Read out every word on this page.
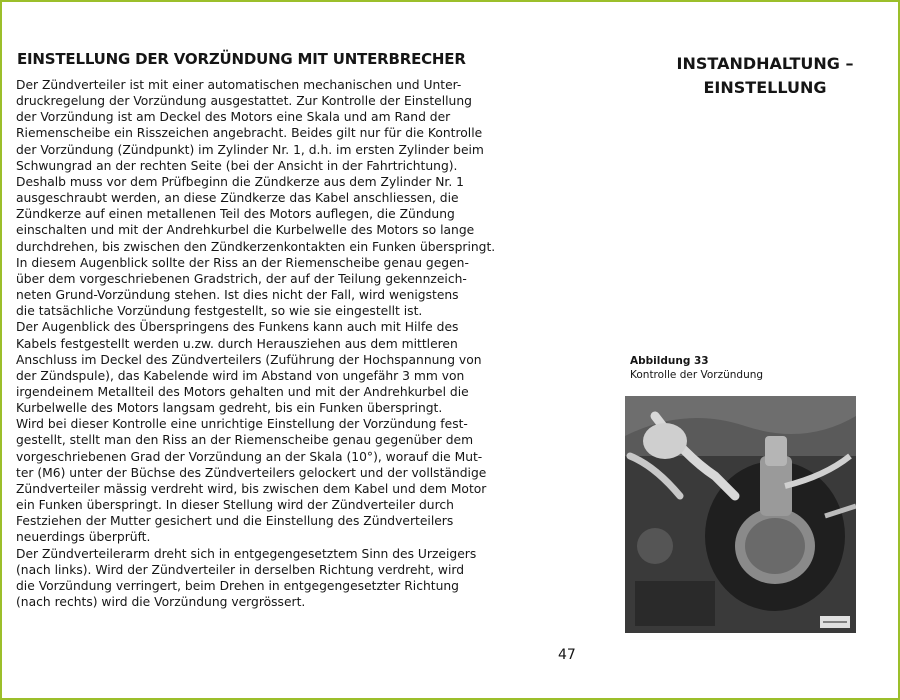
EINSTELLUNG DER VORZÜNDUNG MIT UNTERBRECHER
Der Zündverteiler ist mit einer automatischen mechanischen und Unter-
druckregelung der Vorzündung ausgestattet. Zur Kontrolle der Einstellung
der Vorzündung ist am Deckel des Motors eine Skala und am Rand der
Riemenscheibe ein Risszeichen angebracht. Beides gilt nur für die Kontrolle
der Vorzündung (Zündpunkt) im Zylinder Nr. 1, d.h. im ersten Zylinder beim
Schwungrad an der rechten Seite (bei der Ansicht in der Fahrtrichtung).
Deshalb muss vor dem Prüfbeginn die Zündkerze aus dem Zylinder Nr. 1
ausgeschraubt werden, an diese Zündkerze das Kabel anschliessen, die
Zündkerze auf einen metallenen Teil des Motors auflegen, die Zündung
einschalten und mit der Andrehkurbel die Kurbelwelle des Motors so lange
durchdrehen, bis zwischen den Zündkerzenkontakten ein Funken überspringt.
In diesem Augenblick sollte der Riss an der Riemenscheibe genau gegen-
über dem vorgeschriebenen Gradstrich, der auf der Teilung gekennzeich-
neten Grund-Vorzündung stehen. Ist dies nicht der Fall, wird wenigstens
die tatsächliche Vorzündung festgestellt, so wie sie eingestellt ist.
Der Augenblick des Überspringens des Funkens kann auch mit Hilfe des
Kabels festgestellt werden u.zw. durch Herausziehen aus dem mittleren
Anschluss im Deckel des Zündverteilers (Zuführung der Hochspannung von
der Zündspule), das Kabelende wird im Abstand von ungefähr 3 mm von
irgendeinem Metallteil des Motors gehalten und mit der Andrehkurbel die
Kurbelwelle des Motors langsam gedreht, bis ein Funken überspringt.
Wird bei dieser Kontrolle eine unrichtige Einstellung der Vorzündung fest-
gestellt, stellt man den Riss an der Riemenscheibe genau gegenüber dem
vorgeschriebenen Grad der Vorzündung an der Skala (10°), worauf die Mut-
ter (M6) unter der Büchse des Zündverteilers gelockert und der vollständige
Zündverteiler mässig verdreht wird, bis zwischen dem Kabel und dem Motor
ein Funken überspringt. In dieser Stellung wird der Zündverteiler durch
Festziehen der Mutter gesichert und die Einstellung des Zündverteilers
neuerdings überprüft.
Der Zündverteilerarm dreht sich in entgegengesetztem Sinn des Urzeigers
(nach links). Wird der Zündverteiler in derselben Richtung verdreht, wird
die Vorzündung verringert, beim Drehen in entgegengesetzter Richtung
(nach rechts) wird die Vorzündung vergrössert.
47
INSTANDHALTUNG –
EINSTELLUNG
Abbildung 33
Kontrolle der Vorzündung
